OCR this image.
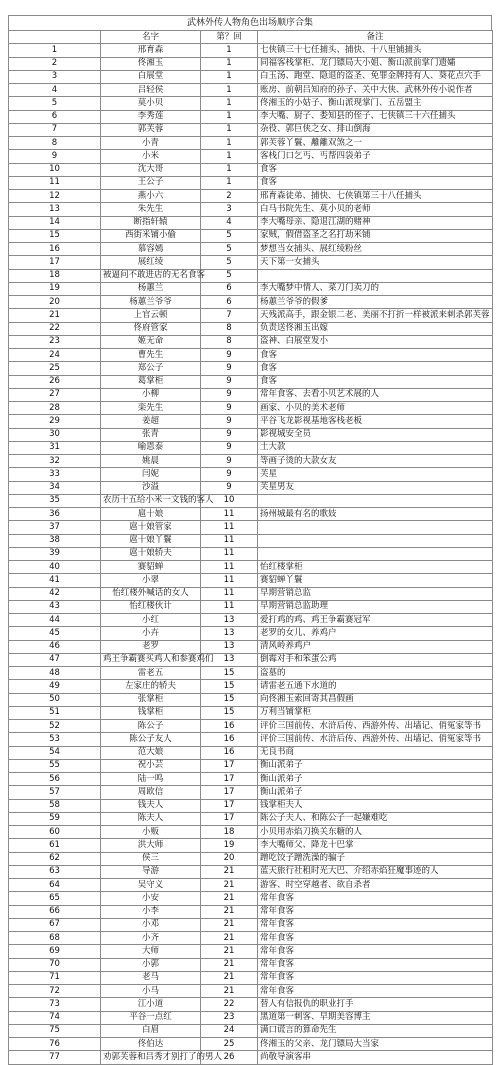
武林外传人物角色出场顺序合集
	名字	第？回	备注
1	邢育森	1	七侠镇三十七任捕头、捕快、十八里铺捕头
2	佟湘玉	1	同福客栈掌柜、龙门镖局大小姐、衡山派前掌门遗孀
3	白展堂	1	白玉汤、跑堂、隐退的盗圣、免罪金牌持有人、葵花点穴手
4	吕轻侯	1	账房、前朝吕知府的孙子、关中大侠、武林外传小说作者
5	莫小贝	1	佟湘玉的小姑子、衡山派现掌门、五岳盟主
6	李秀莲	1	李大嘴、厨子、娄知县的侄子、七侠镇三十六任捕头
7	郭芙蓉	1	杂役、郭巨侠之女、排山倒海
8	小青	1	郭芙蓉丫鬟、離離双煞之一
9	小米	1	客栈门口乞丐、丐帮四袋弟子
10	沈大哥	1	食客
11	王公子	1	食客
12	燕小六	2	邢育森徒弟、捕快、七侠镇第三十八任捕头
13	朱先生	3	白马书院先生、莫小贝的老师
14	断指轩辕	4	李大嘴母亲、隐退江湖的赌神
15	西街米铺小偷	5	家贼，假借盗圣之名打劫米铺
16	慕容嫣	5	梦想当女捕头、展红绫粉丝
17	展红绫	5	天下第一女捕头
18	被逼问不敢进店的无名食客	5	
19	杨蕙兰	6	李大嘴梦中情人、菜刀门卖刀的
20	杨蕙兰爷爷	6	杨蕙兰爷爷的假爹
21	上官云顿	7	天残派高手，跟金银二老、美丽不打折一样被派来刺杀郭芙蓉
22	佟府管家	8	负责送佟湘玉出嫁
23	姬无命	8	盗神、白展堂发小
24	曹先生	9	食客
25	郑公子	9	食客
26	葛掌柜	9	食客
27	小柳	9	常年食客、去看小贝艺术展的人
28	栾先生	9	画家、小贝的美术老师
29	姜超	9	平谷飞龙影视基地客栈老板
30	张青	9	影视城安全员
31	喻恩泰	9	土大款
32	姚晨	9	等画子烫的大款女友
33	闫妮	9	芙星
34	沙溢	9	芙星男友
35	农历十五给小米一文钱的客人	10	
36	扈十娘	11	扬州城最有名的歌妓
37	扈十娘管家	11	
38	扈十娘丫鬟	11	
39	扈十娘轿夫	11	
40	赛貂蝉	11	怡红楼掌柜
41	小翠	11	赛貂蝉丫鬟
42	怡红楼外喊话的女人	11	早期营销总监
43	怡红楼伙计	11	早期营销总监助理
44	小红	13	爱打鸡的鸡、鸡王争霸赛冠军
45	小卉	13	老罗的女儿、养鸡户
46	老罗	13	清风岭养鸡户
47	鸡王争霸赛买鸡人和参赛鸡们	13	倒霉对手和笨蛋公鸡
48	雷老五	15	盗墓的
49	左家庄的轿夫	15	请雷老五通下水道的
50	张掌柜	15	向佟湘玉索回寄其昌假画
51	钱掌柜	15	万利当铺掌柜
52	陈公子	16	评价三国前传、水浒后传、西游外传、出墙记、俏冤家等书
53	陈公子友人	16	评价三国前传、水浒后传、西游外传、出墙记、俏冤家等书
54	范大娘	16	无良书商
55	祝小芸	17	衡山派弟子
56	陆一鸣	17	衡山派弟子
57	周欧信	17	衡山派弟子
58	钱夫人	17	钱掌柜夫人
59	陈夫人	17	陈公子夫人、和陈公子一起嫌难吃
60	小贩	18	小贝用赤焰刀换关东糖的人
61	洪大师	19	李大嘴师父、降龙十巴掌
62	侯三	20	蹭吃饺子蹭洗澡的骗子
63	导游	21	蓝天旅行社租时光大巴、介绍赤焰狂魔事迹的人
64	吴守义	21	游客、时空穿越者、欲自杀者
65	小安	21	常年食客
66	小李	21	常年食客
67	小邓	21	常年食客
68	小齐	21	常年食客
69	大师	21	常年食客
70	小郭	21	常年食客
71	老马	21	常年食客
72	小马	21	常年食客
73	江小道	22	替人有信报仇的职业打手
74	平谷一点红	23	黑道第一刺客、早期美容博主
75	白眉	24	满口谎言的算命先生
76	佟伯达	25	佟湘玉的父亲、龙门镖局大当家
77	劝郭芙蓉和吕秀才别打了的男人	26	尚敬导演客串
